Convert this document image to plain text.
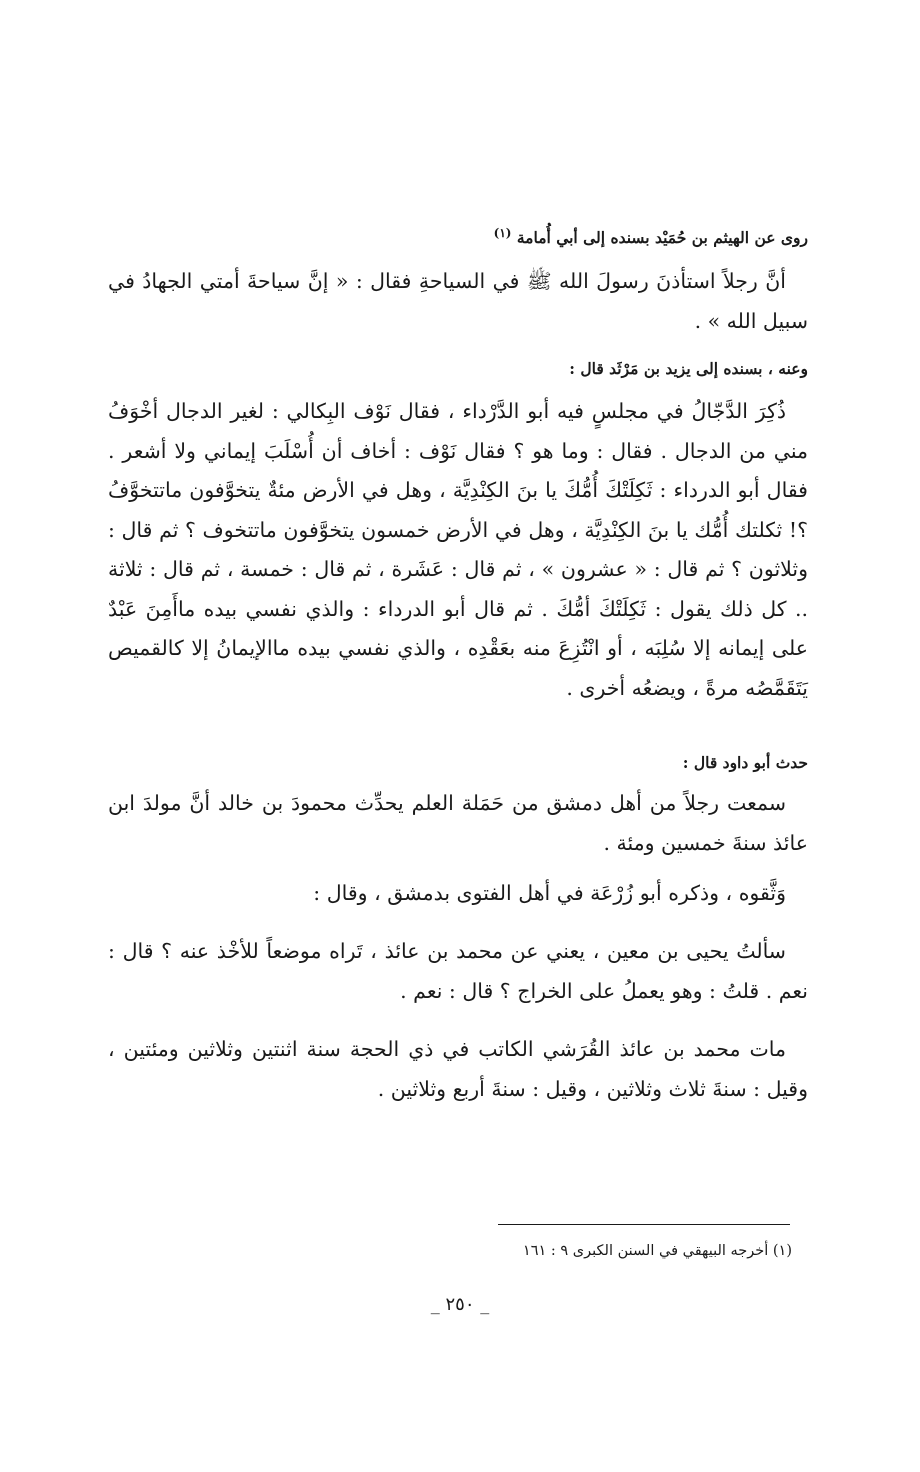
روى عن الهيثم بن حُمَيْد بسنده إلى أبي أُمامة $^{(١)}$

أنَّ رجلاً استأذنَ رسولَ الله ﷺ في السياحةِ فقال : « إنَّ سياحةَ أمتي الجهادُ في سبيل الله » .

وعنه ، بسنده إلى يزيد بن مَرْثَد قال :

ذُكِرَ الدَّجّالُ في مجلسٍ فيه أبو الدَّرْداء ، فقال نَوْف البِكالي : لغير الدجال أخْوَفُ مني من الدجال . فقال : وما هو ؟ فقال نَوْف : أخاف أن أُسْلَبَ إيماني ولا أشعر . فقال أبو الدرداء : ثَكِلَتْكَ أُمُّكَ يا بنَ الكِنْدِيَّة ، وهل في الأرض مئةٌ يتخوَّفون ماتتخوَّفُ ؟! ثكلتك أُمُّك يا بنَ الكِنْدِيَّة ، وهل في الأرض خمسون يتخوَّفون ماتتخوف ؟ ثم قال : وثلاثون ؟ ثم قال : « عشرون » ، ثم قال : عَشَرة ، ثم قال : خمسة ، ثم قال : ثلاثة .. كل ذلك يقول : ثَكِلَتْكَ أمُّكَ . ثم قال أبو الدرداء : والذي نفسي بيده ماأَمِنَ عَبْدٌ على إيمانه إلا سُلِبَه ، أو انْتُزِعَ منه بعَقْدِه ، والذي نفسي بيده ماالإيمانُ إلا كالقميص يَتَقَمَّصُه مرةً ، ويضعُه أخرى .

حدث أبو داود قال :

سمعت رجلاً من أهل دمشق من حَمَلة العلم يحدِّث محمودَ بن خالد أنَّ مولدَ ابن عائذ سنةَ خمسين ومئة .

وَثَّقوه ، وذكره أبو زُرْعَة في أهل الفتوى بدمشق ، وقال :

سألتُ يحيى بن معين ، يعني عن محمد بن عائذ ، تَراه موضعاً للأخْذ عنه ؟ قال : نعم . قلتُ : وهو يعملُ على الخراج ؟ قال : نعم .

مات محمد بن عائذ القُرَشي الكاتب في ذي الحجة سنة اثنتين وثلاثين ومئتين ، وقيل : سنةَ ثلاث وثلاثين ، وقيل : سنةَ أربع وثلاثين .

(١) أخرجه البيهقي في السنن الكبرى ٩ : ١٦١
_ ٢٥٠ _
